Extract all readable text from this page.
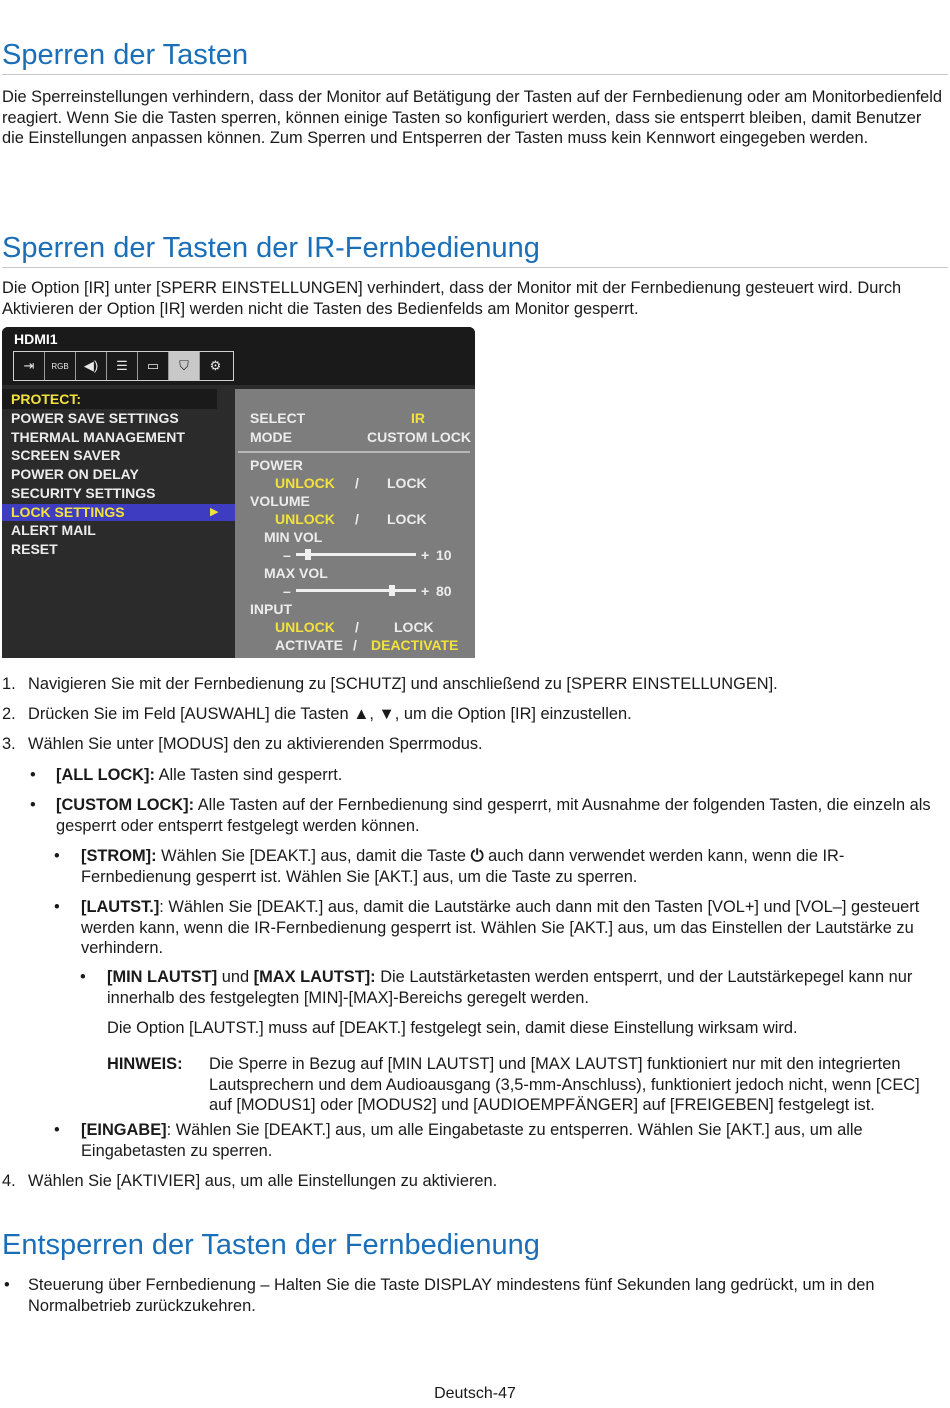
Sperren der Tasten

Die Sperreinstellungen verhindern, dass der Monitor auf Betätigung der Tasten auf der Fernbedienung oder am Monitorbedienfeld reagiert. Wenn Sie die Tasten sperren, können einige Tasten so konfiguriert werden, dass sie entsperrt bleiben, damit Benutzer die Einstellungen anpassen können. Zum Sperren und Entsperren der Tasten muss kein Kennwort eingegeben werden.

Sperren der Tasten der IR-Fernbedienung

Die Option [IR] unter [SPERR EINSTELLUNGEN] verhindert, dass der Monitor mit der Fernbedienung gesteuert wird. Durch Aktivieren der Option [IR] werden nicht die Tasten des Bedienfelds am Monitor gesperrt.

HDMI1
⇥	RGB	◀)	☰	▭	⛉	⚙
PROTECT:
POWER SAVE SETTINGS
THERMAL MANAGEMENT
SCREEN SAVER
POWER ON DELAY
SECURITY SETTINGS
LOCK SETTINGS	▶
ALERT MAIL
RESET
SELECT	IR
MODE	CUSTOM LOCK
POWER
UNLOCK / LOCK
VOLUME
UNLOCK / LOCK
MIN VOL
–	+ 10
MAX VOL
–	+ 80
INPUT
UNLOCK /	LOCK
ACTIVATE / DEACTIVATE
1. Navigieren Sie mit der Fernbedienung zu [SCHUTZ] und anschließend zu [SPERR EINSTELLUNGEN].

2. Drücken Sie im Feld [AUSWAHL] die Tasten ▲, ▼, um die Option [IR] einzustellen.

3. Wählen Sie unter [MODUS] den zu aktivierenden Sperrmodus.

• [ALL LOCK]: Alle Tasten sind gesperrt.

• [CUSTOM LOCK]: Alle Tasten auf der Fernbedienung sind gesperrt, mit Ausnahme der folgenden Tasten, die einzeln als gesperrt oder entsperrt festgelegt werden können.

• [STROM]: Wählen Sie [DEAKT.] aus, damit die Taste ⏻ auch dann verwendet werden kann, wenn die IR-Fernbedienung gesperrt ist. Wählen Sie [AKT.] aus, um die Taste zu sperren.

• [LAUTST.]: Wählen Sie [DEAKT.] aus, damit die Lautstärke auch dann mit den Tasten [VOL+] und [VOL–] gesteuert werden kann, wenn die IR-Fernbedienung gesperrt ist. Wählen Sie [AKT.] aus, um das Einstellen der Lautstärke zu verhindern.

• [MIN LAUTST] und [MAX LAUTST]: Die Lautstärketasten werden entsperrt, und der Lautstärkepegel kann nur innerhalb des festgelegten [MIN]-[MAX]-Bereichs geregelt werden.

Die Option [LAUTST.] muss auf [DEAKT.] festgelegt sein, damit diese Einstellung wirksam wird.

HINWEIS: Die Sperre in Bezug auf [MIN LAUTST] und [MAX LAUTST] funktioniert nur mit den integrierten Lautsprechern und dem Audioausgang (3,5-mm-Anschluss), funktioniert jedoch nicht, wenn [CEC] auf [MODUS1] oder [MODUS2] und [AUDIOEMPFÄNGER] auf [FREIGEBEN] festgelegt ist.

• [EINGABE]: Wählen Sie [DEAKT.] aus, um alle Eingabetaste zu entsperren. Wählen Sie [AKT.] aus, um alle Eingabetasten zu sperren.

4. Wählen Sie [AKTIVIER] aus, um alle Einstellungen zu aktivieren.

Entsperren der Tasten der Fernbedienung
• Steuerung über Fernbedienung – Halten Sie die Taste DISPLAY mindestens fünf Sekunden lang gedrückt, um in den Normalbetrieb zurückzukehren.

Deutsch-47
